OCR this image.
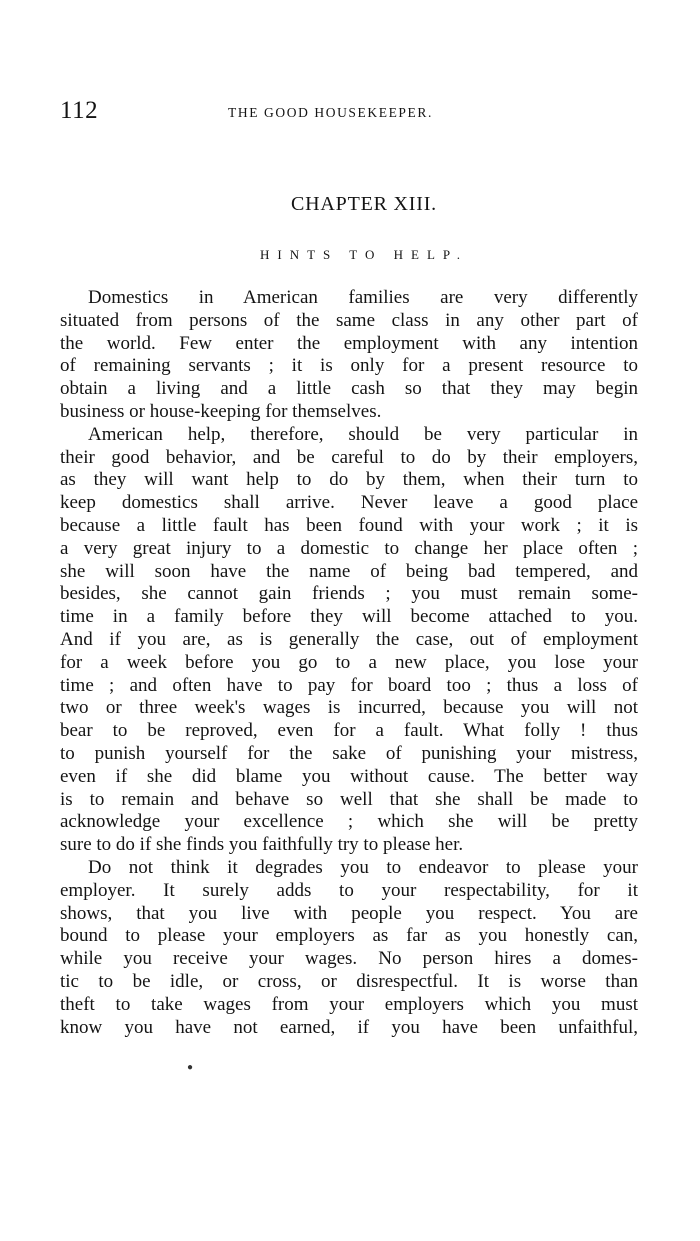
112	THE GOOD HOUSEKEEPER.
CHAPTER XIII.
HINTS TO HELP.
Domestics in American families are very differently
situated from persons of the same class in any other part of
the world. Few enter the employment with any intention
of remaining servants ; it is only for a present resource to
obtain a living and a little cash so that they may begin
business or house-keeping for themselves.
American help, therefore, should be very particular in
their good behavior, and be careful to do by their employers,
as they will want help to do by them, when their turn to
keep domestics shall arrive. Never leave a good place
because a little fault has been found with your work ; it is
a very great injury to a domestic to change her place often ;
she will soon have the name of being bad tempered, and
besides, she cannot gain friends ; you must remain some-
time in a family before they will become attached to you.
And if you are, as is generally the case, out of employment
for a week before you go to a new place, you lose your
time ; and often have to pay for board too ; thus a loss of
two or three week's wages is incurred, because you will not
bear to be reproved, even for a fault. What folly ! thus
to punish yourself for the sake of punishing your mistress,
even if she did blame you without cause. The better way
is to remain and behave so well that she shall be made to
acknowledge your excellence ; which she will be pretty
sure to do if she finds you faithfully try to please her.
Do not think it degrades you to endeavor to please your
employer. It surely adds to your respectability, for it
shows, that you live with people you respect. You are
bound to please your employers as far as you honestly can,
while you receive your wages. No person hires a domes-
tic to be idle, or cross, or disrespectful. It is worse than
theft to take wages from your employers which you must
know you have not earned, if you have been unfaithful,
●
